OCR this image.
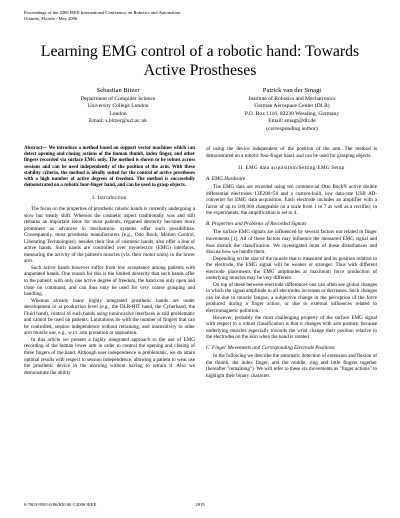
Proceedings of the 2006 IEEE International Conference on Robotics and Automation
Orlando, Florida - May 2006
Learning EMG control of a robotic hand: Towards
Active Prostheses
Sebastian Bitzer
Department of Computer Science
University College London
London
Email: s.bitzer@ucl.ac.uk
Patrick van der Smagt
Institute of Robotics and Mechatronics
German Aerospace Center (DLR)
P.O. Box 1116, 82230 Wessling, Germany
Email: smagt@dlr.de
(corresponding author)

Abstract— We introduce a method based on support vector machines which can detect opening and closing actions of the human thumb, index finger, and other fingers recorded via surface EMG only. The method is shown to be robust across sessions and can be used independently of the position of the arm. With these stability criteria, the method is ideally suited for the control of active prostheses with a high number of active degrees of freedom. The method is successfully demonstrated on a robotic four-finger hand, and can be used to grasp objects.

I. Introduction

The focus on the properties of prosthetic robotic hands is currently undergoing a slow but steady shift. Whereas the cosmetic aspect traditionally was and still remains an important issue for most patients, regained dexterity becomes more prominent as advances in mechatronic systems offer such possibilities. Consequently, most prosthesis manufacturers (e.g., Otto Bock, Motion Control, Liberating Technologies), besides their line of cosmetic hands, also offer a line of active hands. Such hands are controlled over myoelectric (EMG) interfaces, measuring the activity of the patient's muscles (viz. their motor units) in the lower arm.

Such active hands however suffer from low acceptance among patients with amputated hands. One reason for this is the limited dexterity that such hands offer to the patient: with only one active degree of freedom, the hand can only open and close on command, and can thus only be used for very coarse grasping and handling.

Whereas already many highly integrated prosthetic hands are under development or at production level (e.g., the DLR-HIT hand, the Cyberhand, the Fluid hand), control of such hands using noninvasive interfaces is still problematic and cannot be used on patients. Limitations lie with the number of fingers that can be controlled, session independence without retraining, and insensitivity to other arm muscle use, e.g., w.r.t. arm pronation or supination.

In this article we present a highly integrated approach to the use of EMG recording of the human lower arm in order to control the opening and closing of three fingers of the hand. Although user independence is problematic, we do attain optimal results with respect to session independence, allowing a patient to wear use the prosthetic device in the morning without having to retrain it. Also we demonstrate the ability

of using the device independent of the position of the arm. The method is demonstrated on a robotic four-finger hand, and can be used for grasping objects.

II. EMG data acquisition/Setting/EMG Setup
A. EMG Hardware

The EMG data are recorded using ten commercial Otto Bock® active double differential electrodes 13E200=50 and a custom-built, low data-rate USB AD-converter for EMG data acquisition. Each electrode includes an amplifier with a factor of up to 100,000 changeable on a scale from 1 to 7 as well as a rectifier; in the experiments, the amplification is set to 4.

B. Properties and Problems of Recorded Signals

The surface EMG signals are influenced by several factors not related to finger movements [1]. All of these factors may influence the measured EMG signal and thus disturb the classification. We investigated most of these disturbances and discuss how we handle them.

Depending on the size of the muscle that is measured and its position relative to the electrode, the EMG signal will be weaker or stronger. Thus with different electrode placements the EMG amplitudes at maximum force production of underlying muscles may be very different.

On top of these between-electrode differences one can often see global changes in which the signal amplitude in all electrodes increases or decreases. Such changes can be due to muscle fatigue, a subjective change in the perception of the force produced during a finger action, or due to external influences related to electromagnetic pollution.

However, probably the most challenging property of the surface EMG signal with respect to a robust classification is that it changes with arm posture, because underlying muscles especially towards the wrist change their position relative to the electrodes on the skin when the hand is rotated.

C. Finger Movements and Corresponding Electrode Positions

In the following we describe the automatic detection of extension and flexion of the thumb, the index finger, and the middle, ring and little fingers together (hereafter "remaining"). We will refer to these six movements as "finger actions" to highlight their binary character.

0-7803-9505-0/06/$20.00 ©2006 IEEE	2819
